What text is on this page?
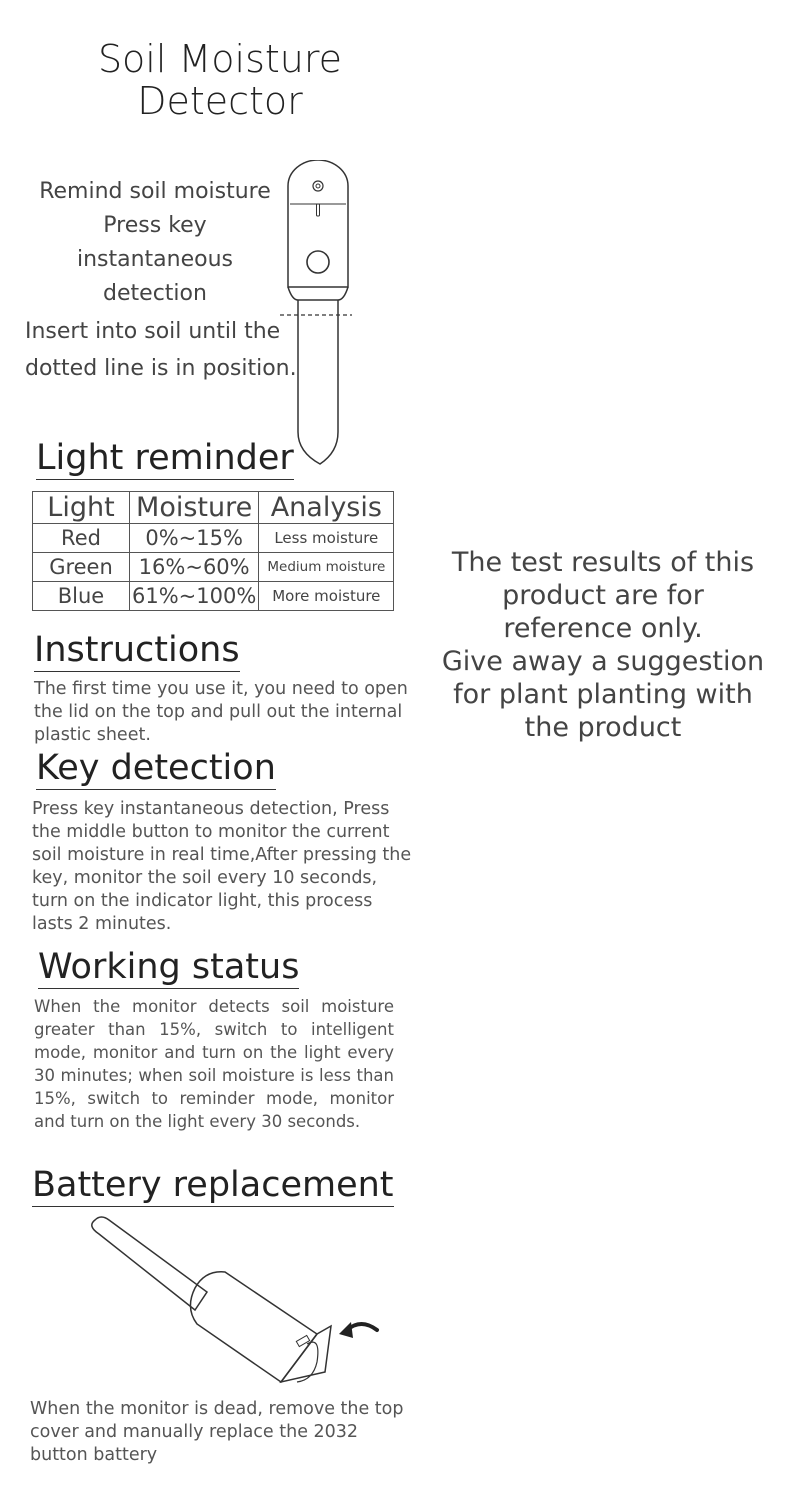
Soil Moisture
Detector
Remind soil moisture
Press key
instantaneous
detection
Insert into soil until the dotted line is in position.
Light reminder
Light	Moisture	Analysis
Red	0%~15%	Less moisture
Green	16%~60%	Medium moisture
Blue	61%~100%	More moisture
Instructions
The first time you use it, you need to open the lid on the top and pull out the internal plastic sheet.
Key detection
Press key instantaneous detection, Press the middle button to monitor the current soil moisture in real time,After pressing the key, monitor the soil every 10 seconds, turn on the indicator light, this process lasts 2 minutes.
Working status
When the monitor detects soil moisture greater than 15%, switch to intelligent mode, monitor and turn on the light every 30 minutes; when soil moisture is less than 15%, switch to reminder mode, monitor and turn on the light every 30 seconds.
Battery replacement
When the monitor is dead, remove the top cover and manually replace the 2032 button battery
The test results of this
product are for
reference only.
Give away a suggestion
for plant planting with
the product
